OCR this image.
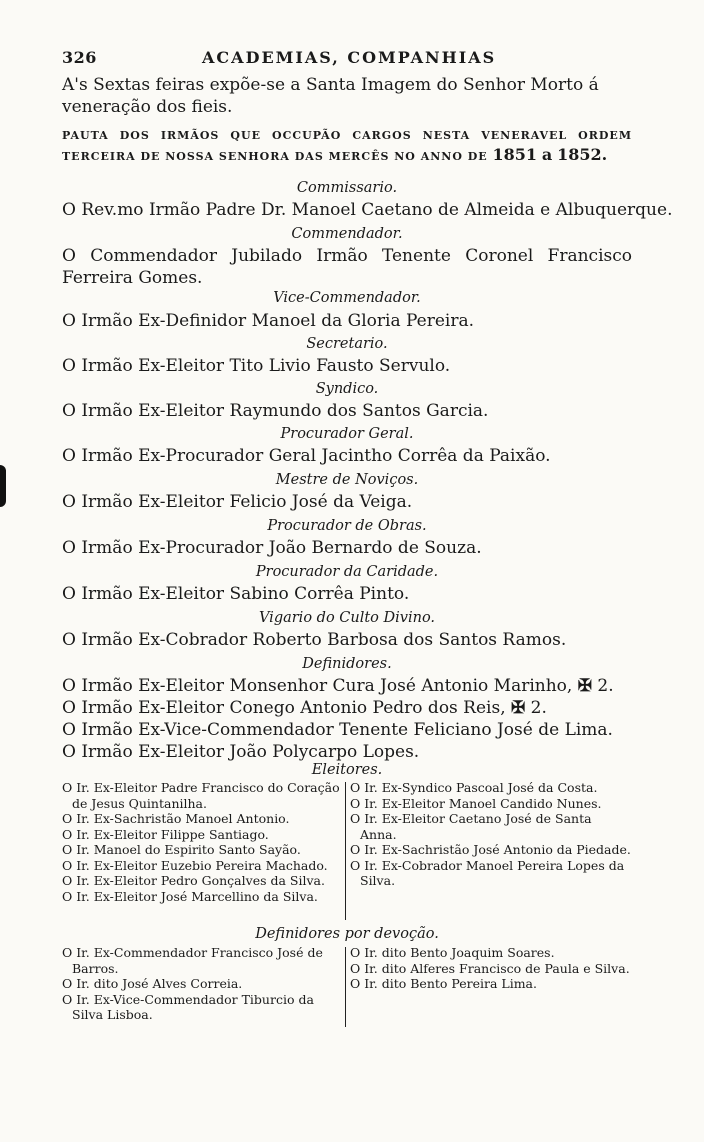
326	ACADEMIAS, COMPANHIAS
A's Sextas feiras expõe-se a Santa Imagem do Senhor Morto á veneração dos fieis.
PAUTA DOS IRMÃOS QUE OCCUPÃO CARGOS NESTA VENERAVEL ORDEM TERCEIRA DE NOSSA SENHORA DAS MERCÊS NO ANNO DE 1851 a 1852.
Commissario.
O Rev.mo Irmão Padre Dr. Manoel Caetano de Almeida e Albuquerque.
Commendador.
O Commendador Jubilado Irmão Tenente Coronel Francisco Ferreira Gomes.
Vice-Commendador.
O Irmão Ex-Definidor Manoel da Gloria Pereira.
Secretario.
O Irmão Ex-Eleitor Tito Livio Fausto Servulo.
Syndico.
O Irmão Ex-Eleitor Raymundo dos Santos Garcia.
Procurador Geral.
O Irmão Ex-Procurador Geral Jacintho Corrêa da Paixão.
Mestre de Noviços.
O Irmão Ex-Eleitor Felicio José da Veiga.
Procurador de Obras.
O Irmão Ex-Procurador João Bernardo de Souza.
Procurador da Caridade.
O Irmão Ex-Eleitor Sabino Corrêa Pinto.
Vigario do Culto Divino.
O Irmão Ex-Cobrador Roberto Barbosa dos Santos Ramos.
Definidores.
O Irmão Ex-Eleitor Monsenhor Cura José Antonio Marinho, ✠ 2.
O Irmão Ex-Eleitor Conego Antonio Pedro dos Reis, ✠ 2.
O Irmão Ex-Vice-Commendador Tenente Feliciano José de Lima.
O Irmão Ex-Eleitor João Polycarpo Lopes.
Eleitores.
O Ir. Ex-Eleitor Padre Francisco do Coração de Jesus Quintanilha.
O Ir. Ex-Sachristão Manoel Antonio.
O Ir. Ex-Eleitor Filippe Santiago.
O Ir. Manoel do Espirito Santo Sayão.
O Ir. Ex-Eleitor Euzebio Pereira Machado.
O Ir. Ex-Eleitor Pedro Gonçalves da Silva.
O Ir. Ex-Eleitor José Marcellino da Silva.
O Ir. Ex-Syndico Pascoal José da Costa.
O Ir. Ex-Eleitor Manoel Candido Nunes.
O Ir. Ex-Eleitor Caetano José de Santa Anna.
O Ir. Ex-Sachristão José Antonio da Piedade.
O Ir. Ex-Cobrador Manoel Pereira Lopes da Silva.
Definidores por devoção.
O Ir. Ex-Commendador Francisco José de Barros.
O Ir. dito José Alves Correia.
O Ir. Ex-Vice-Commendador Tiburcio da Silva Lisboa.
O Ir. dito Bento Joaquim Soares.
O Ir. dito Alferes Francisco de Paula e Silva.
O Ir. dito Bento Pereira Lima.
